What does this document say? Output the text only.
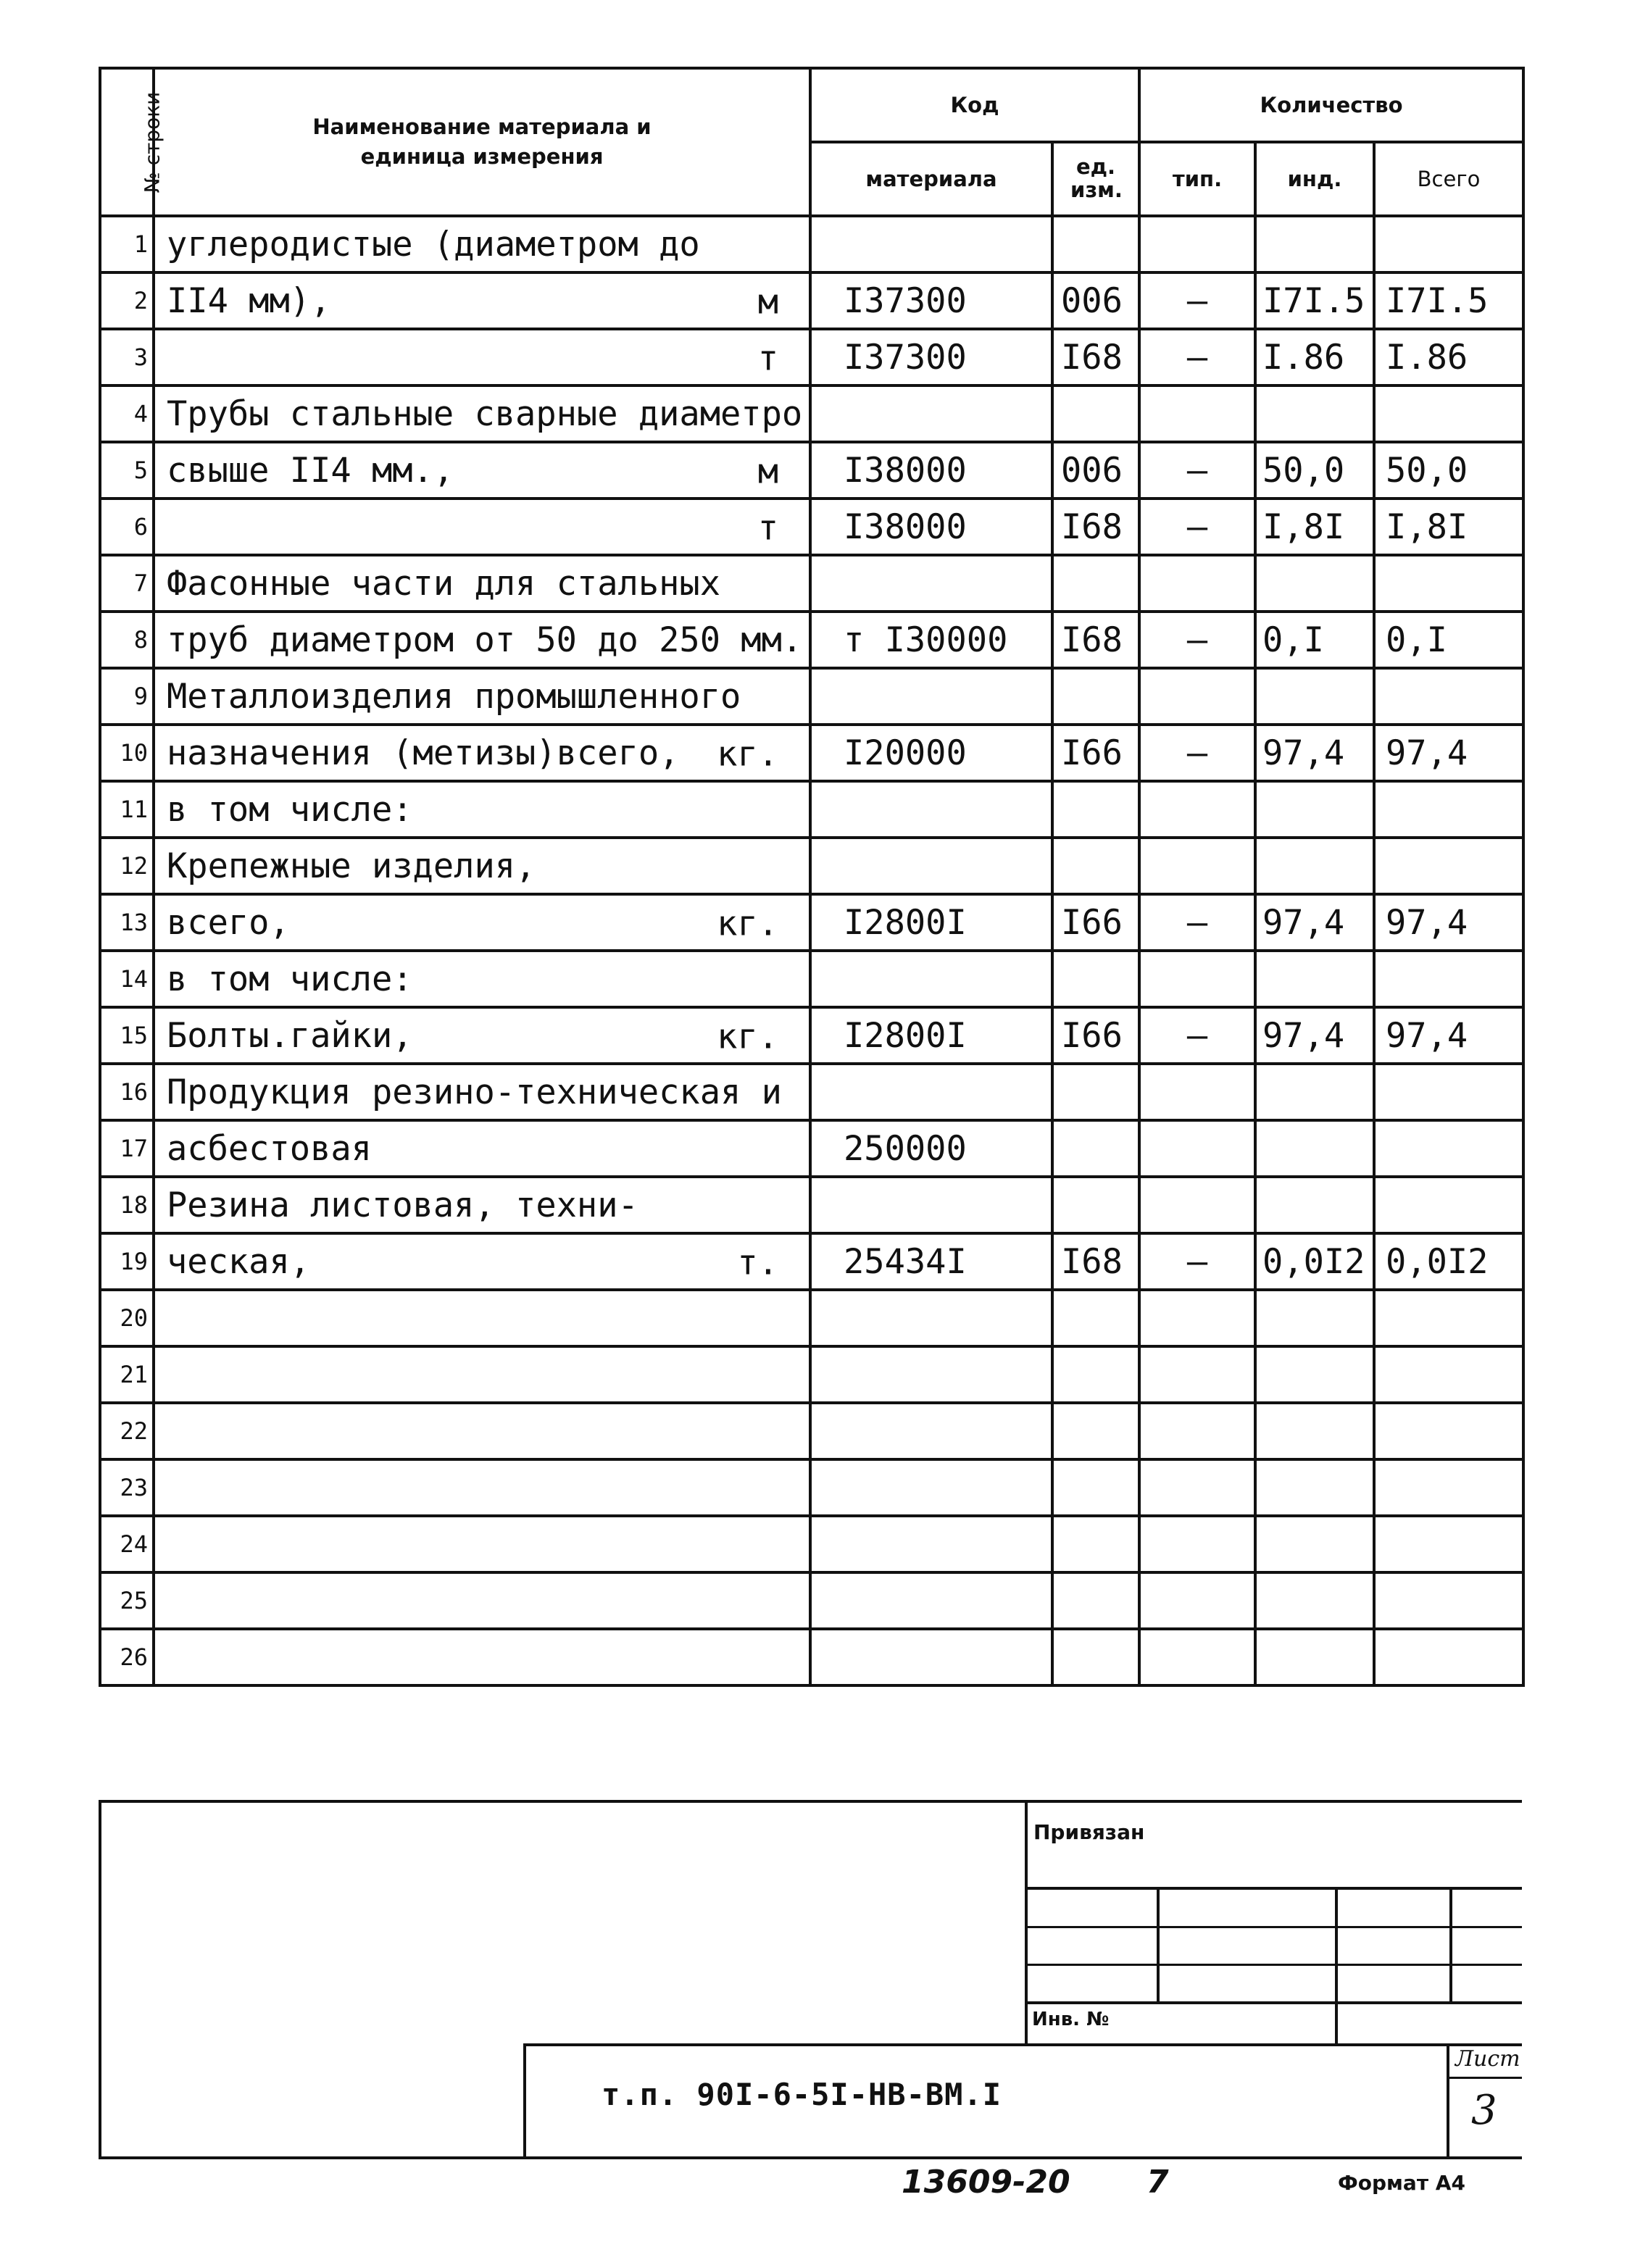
№ строки	Наименование материала и единица измерения	Код		Количество		
		материала	ед. изм.	тип.	инд.	Всего
1	углеродистые (диаметром до

2	II4 мм), м	I37300	006	–	I7I.5	I7I.5
3	т	I37300	I68	–	I.86	I.86
4	Трубы стальные сварные диаметро

5	свыше II4 мм., м	I38000	006	–	50,0	50,0
6	т	I38000	I68	–	I,8I	I,8I
7	Фасонные части для стальных

8	труб диаметром от 50 до 250 мм.	т I30000	I68	–	0,I	0,I
9	Металлоизделия промышленного

10	назначения (метизы)всего, кг.	I20000	I66	–	97,4	97,4
11	в том числе:

12	Крепежные изделия,

13	всего, кг.	I2800I	I66	–	97,4	97,4
14	в том числе:

15	Болты.гайки, кг.	I2800I	I66	–	97,4	97,4
16	Продукция резино-техническая и

17	асбестовая	250000				
18	Резина листовая, техни-

19	ческая, т.	25434I	I68	–	0,0I2	0,0I2
20	

21	

22	

23	

24	

25	

26	

Привязан
Инв. №
т.п. 90I-6-5I-НВ-ВМ.I
Лист
3
13609-20 7	Формат А4
